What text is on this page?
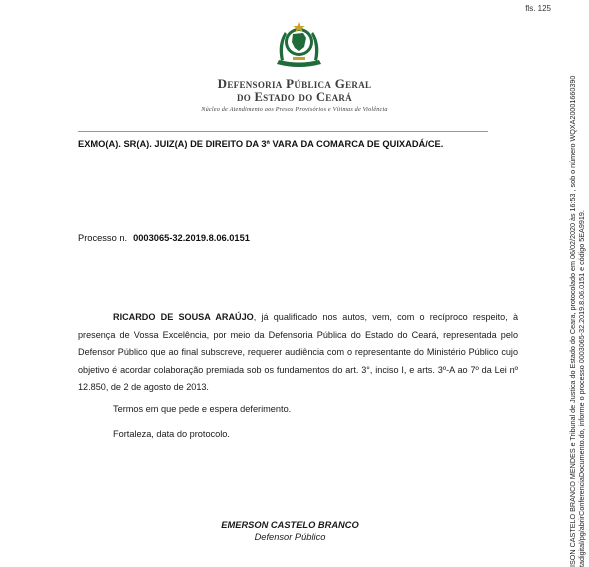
fls. 125
Defensoria Pública Geral
do Estado do Ceará
Núcleo de Atendimento aos Presos Provisórios e Vítimas de Violência
EXMO(A). SR(A). JUIZ(A) DE DIREITO DA 3ª VARA DA COMARCA DE QUIXADÁ/CE.
Processo n. 0003065-32.2019.8.06.0151
RICARDO DE SOUSA ARAÚJO, já qualificado nos autos, vem, com o recíproco respeito, à presença de Vossa Excelência, por meio da Defensoria Pública do Estado do Ceará, representada pelo Defensor Público que ao final subscreve, requerer audiência com o representante do Ministério Público cujo objetivo é acordar colaboração premiada sob os fundamentos do art. 3°, inciso I, e arts. 3º-A ao 7º da Lei nº 12.850, de 2 de agosto de 2013.
Termos em que pede e espera deferimento.
Fortaleza, data do protocolo.
EMERSON CASTELO BRANCO
Defensor Público	ISON CASTELO BRANCO MENDES e Tribunal de Justica do Estado do Ceara, protocolado em 06/02/2020 às 16:53 , sob o número WQXA20001660390 tadigital/pg/abrirConferenciaDocumento.do, informe o processo 0003065-32.2019.8.06.0151 e código 5EA9919.
